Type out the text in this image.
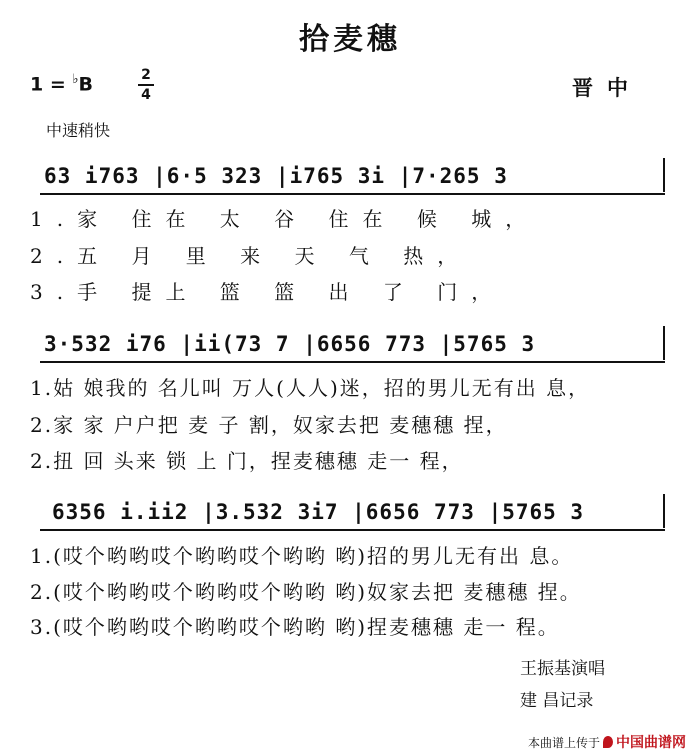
拾麦穗
1 = ♭B	2
4	晋中
中速稍快
63 i763 |6·5 323 |i765 3i |7·265 3
1.家 住在 太 谷 住在 候 城，
2.五 月 里 来 天 气 热，
3.手 提上 篮 篮 出 了 门，
3·532 i76 |ii(73 7 |6656 773 |5765 3
1.姑 娘我的 名儿叫 万人(人人)迷，招的男儿无有出 息，
2.家 家 户户把 麦 子 割，奴家去把 麦穗穗 捏，
2.扭 回 头来 锁 上 门，捏麦穗穗 走一 程，
6356 i.ii2 |3.532 3i7 |6656 773 |5765 3
1.(哎个哟哟哎个哟哟哎个哟哟 哟)招的男儿无有出 息。
2.(哎个哟哟哎个哟哟哎个哟哟 哟)奴家去把 麦穗穗 捏。
3.(哎个哟哟哎个哟哟哎个哟哟 哟)捏麦穗穗 走一 程。
王振基演唱
建 昌记录
本曲谱上传于 中国曲谱网
